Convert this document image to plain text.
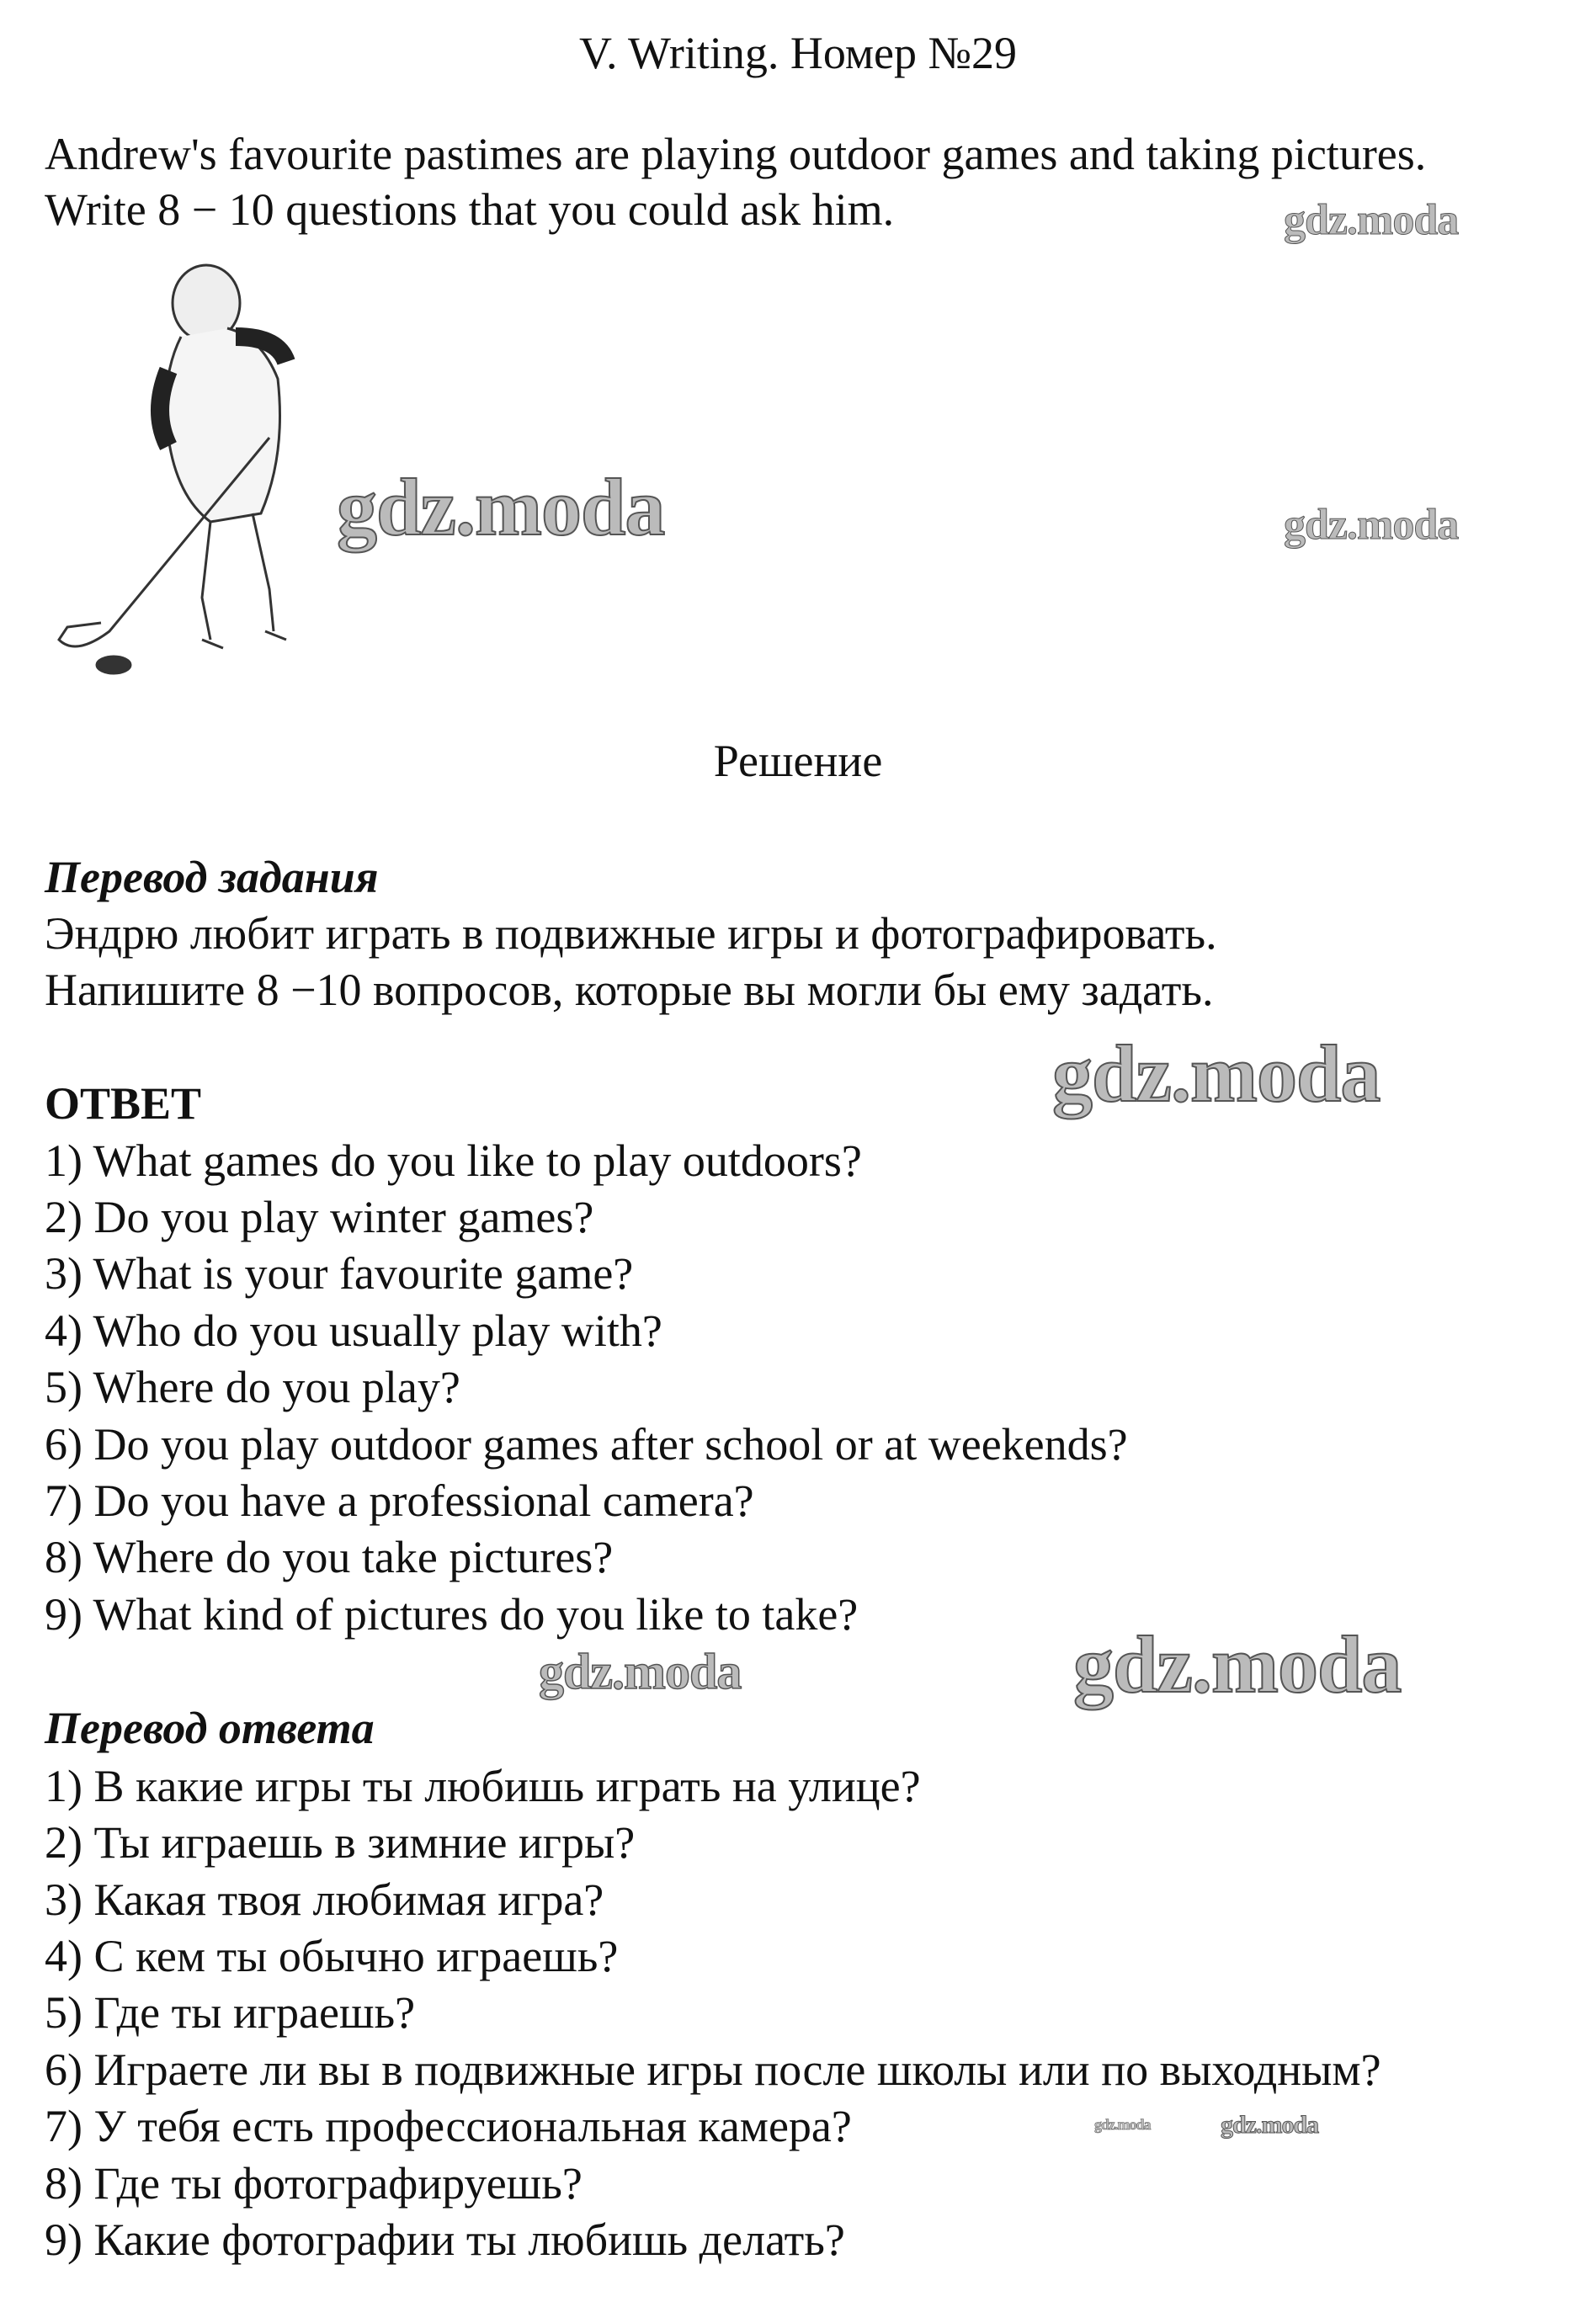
V. Writing. Номер №29
Andrew's favourite pastimes are playing outdoor games and taking pictures.
Write 8 − 10 questions that you could ask him.
gdz.moda
gdz.moda
gdz.moda
Решение
Перевод задания
Эндрю любит играть в подвижные игры и фотографировать.
Напишите 8 −10 вопросов, которые вы могли бы ему задать.
gdz.moda
ОТВЕТ
1) What games do you like to play outdoors?
2) Do you play winter games?
3) What is your favourite game?
4) Who do you usually play with?
5) Where do you play?
6) Do you play outdoor games after school or at weekends?
7) Do you have a professional camera?
8) Where do you take pictures?
9) What kind of pictures do you like to take?
gdz.moda	gdz.moda
Перевод ответа
1) В какие игры ты любишь играть на улице?
2) Ты играешь в зимние игры?
3) Какая твоя любимая игра?
4) С кем ты обычно играешь?
5) Где ты играешь?
6) Играете ли вы в подвижные игры после школы или по выходным?
7) У тебя есть профессиональная камера?
8) Где ты фотографируешь?
9) Какие фотографии ты любишь делать?
gdz.moda	gdz.moda
